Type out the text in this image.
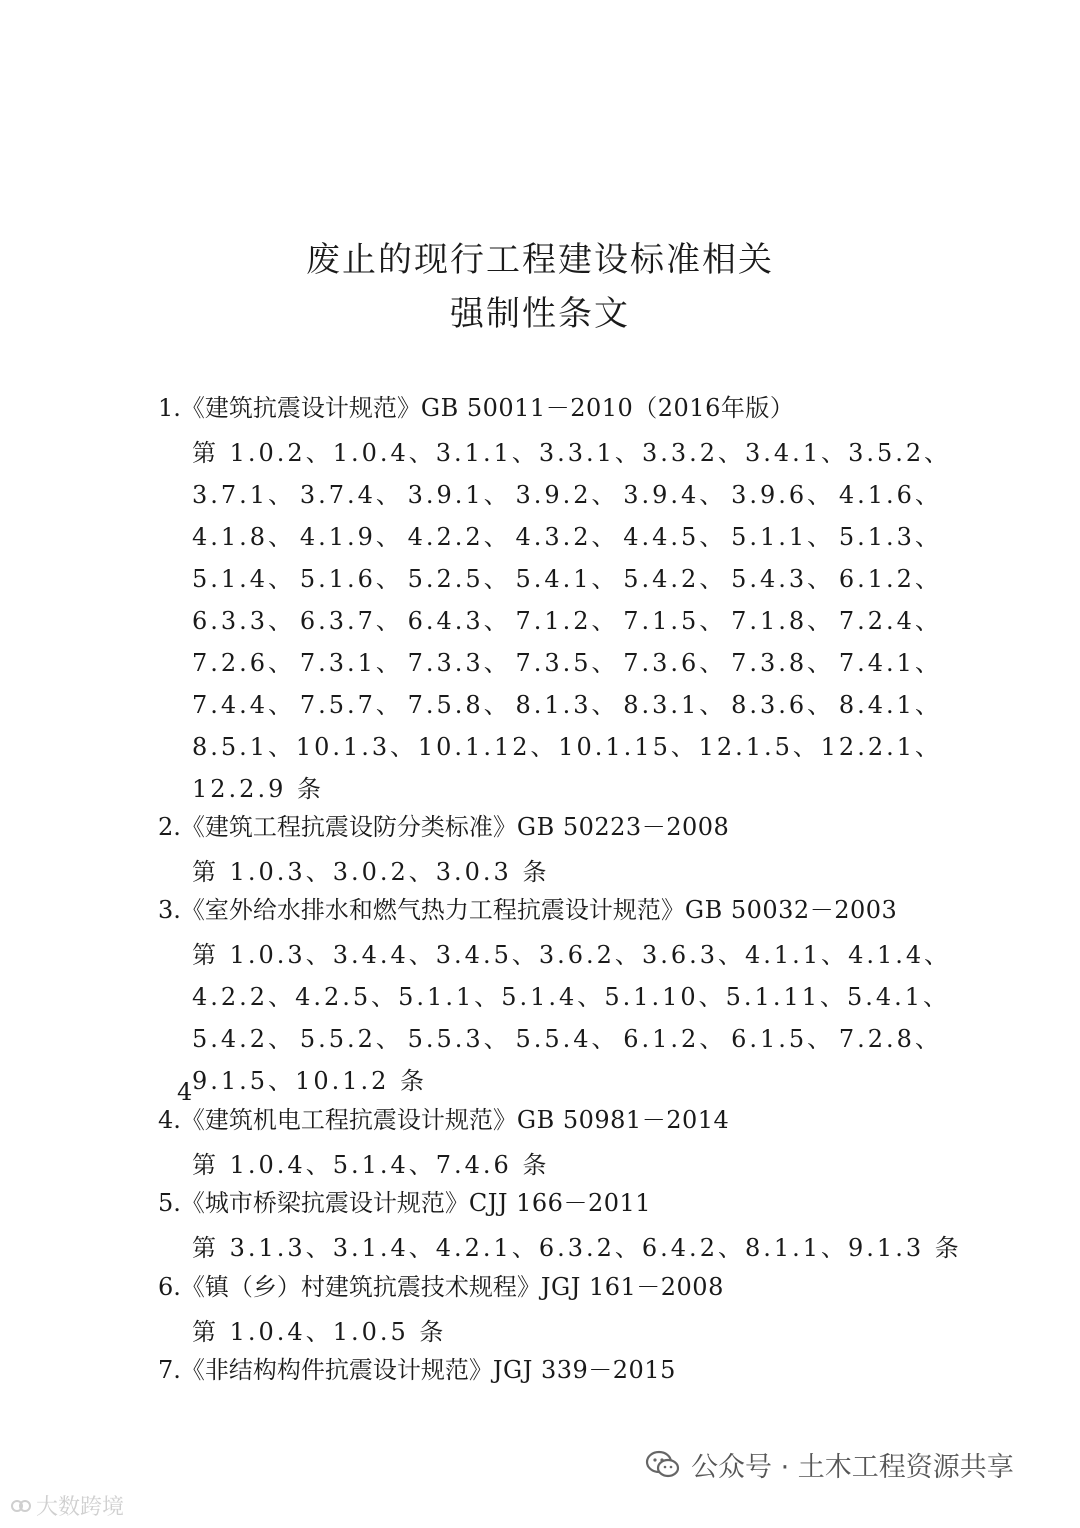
废止的现行工程建设标准相关
强制性条文
1.《建筑抗震设计规范》GB 50011－2010（2016年版）
第 1.0.2、 1.0.4、 3.1.1、 3.3.1、 3.3.2、 3.4.1、 3.5.2、
3.7.1、 3.7.4、 3.9.1、 3.9.2、 3.9.4、 3.9.6、 4.1.6、
4.1.8、 4.1.9、 4.2.2、 4.3.2、 4.4.5、 5.1.1、 5.1.3、
5.1.4、 5.1.6、 5.2.5、 5.4.1、 5.4.2、 5.4.3、 6.1.2、
6.3.3、 6.3.7、 6.4.3、 7.1.2、 7.1.5、 7.1.8、 7.2.4、
7.2.6、 7.3.1、 7.3.3、 7.3.5、 7.3.6、 7.3.8、 7.4.1、
7.4.4、 7.5.7、 7.5.8、 8.1.3、 8.3.1、 8.3.6、 8.4.1、
8.5.1、 10.1.3、 10.1.12、 10.1.15、 12.1.5、 12.2.1、
12.2.9 条
2.《建筑工程抗震设防分类标准》GB 50223－2008
第 1.0.3、3.0.2、3.0.3 条
3.《室外给水排水和燃气热力工程抗震设计规范》GB 50032－2003
第 1.0.3、 3.4.4、 3.4.5、 3.6.2、 3.6.3、 4.1.1、 4.1.4、
4.2.2、 4.2.5、 5.1.1、 5.1.4、 5.1.10、 5.1.11、 5.4.1、
5.4.2、 5.5.2、 5.5.3、 5.5.4、 6.1.2、 6.1.5、 7.2.8、
9.1.5、10.1.2 条
4.《建筑机电工程抗震设计规范》GB 50981－2014
第 1.0.4、5.1.4、7.4.6 条
5.《城市桥梁抗震设计规范》CJJ 166－2011
第 3.1.3、3.1.4、4.2.1、6.3.2、6.4.2、8.1.1、9.1.3 条
6.《镇（乡）村建筑抗震技术规程》JGJ 161－2008
第 1.0.4、1.0.5 条
7.《非结构构件抗震设计规范》JGJ 339－2015
4
大数跨境
公众号 · 土木工程资源共享
